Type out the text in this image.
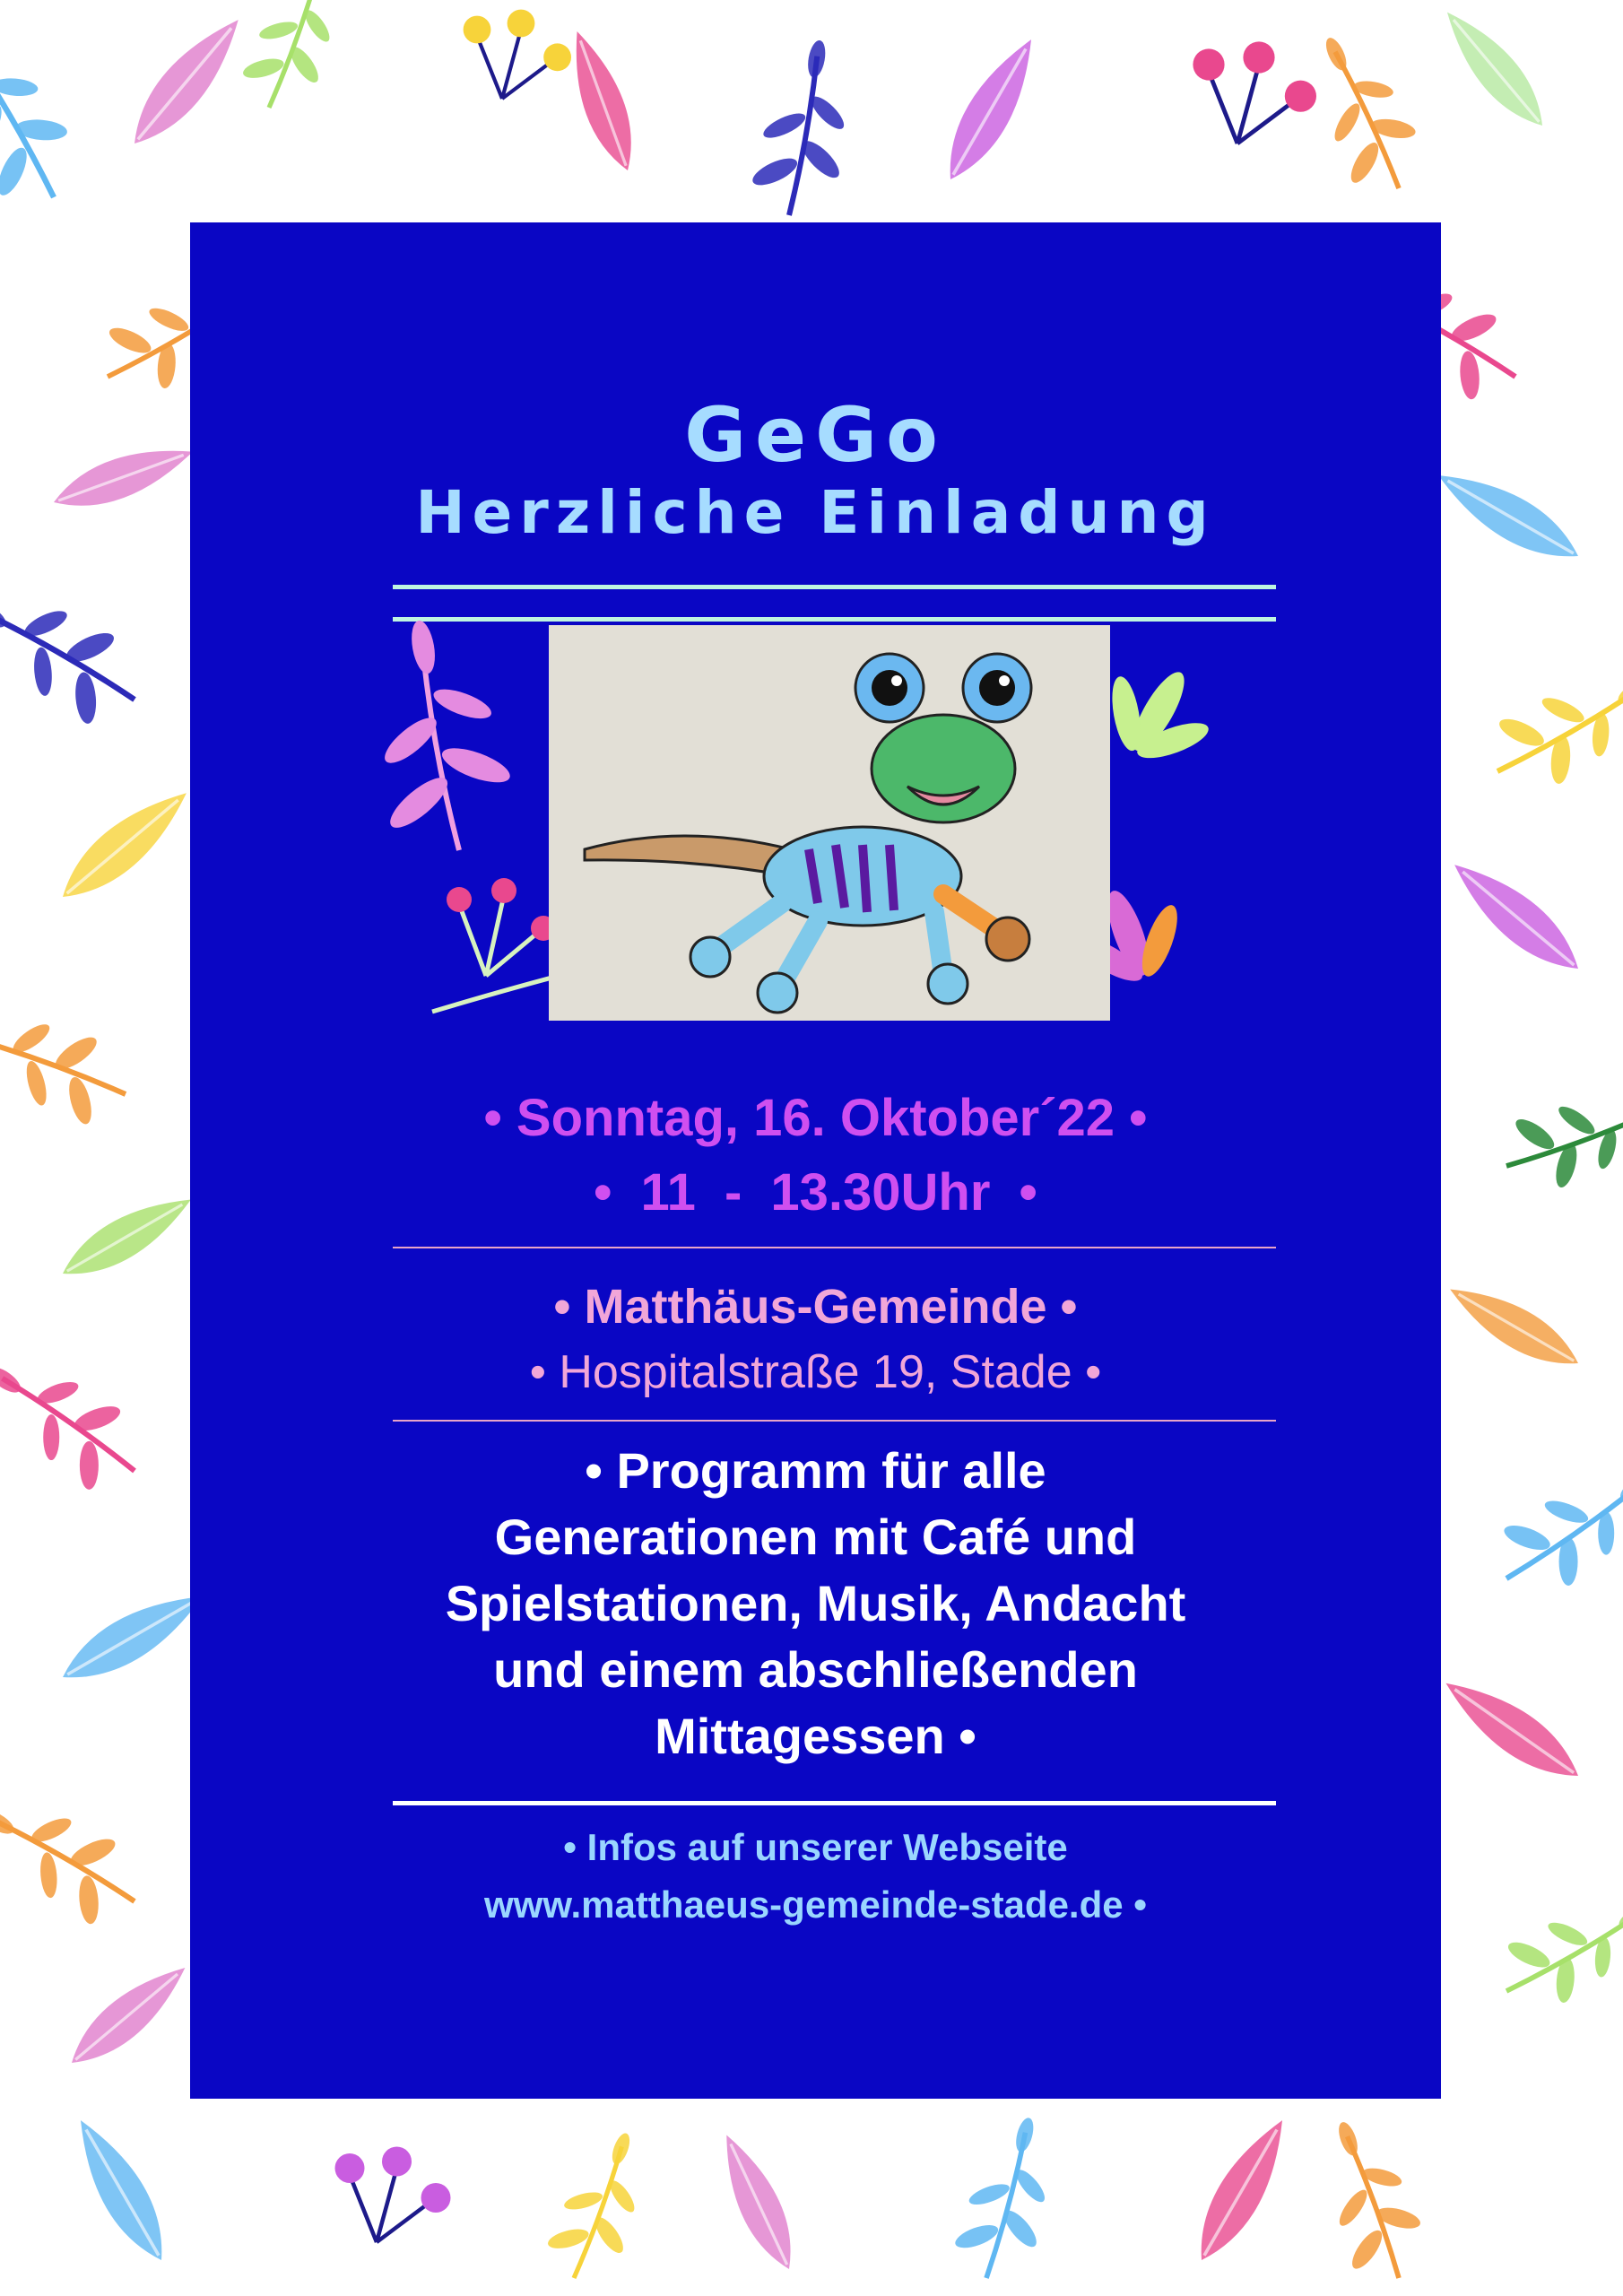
GeGo
Herzliche Einladung

• Sonntag, 16. Oktober´22 •

• 11 - 13.30Uhr •

• Matthäus-Gemeinde •

• Hospitalstraße 19, Stade •

• Programm für alle
Generationen mit Café und
Spielstationen, Musik, Andacht
und einem abschließenden
Mittagessen •
• Infos auf unserer Webseite
www.matthaeus-gemeinde-stade.de •
